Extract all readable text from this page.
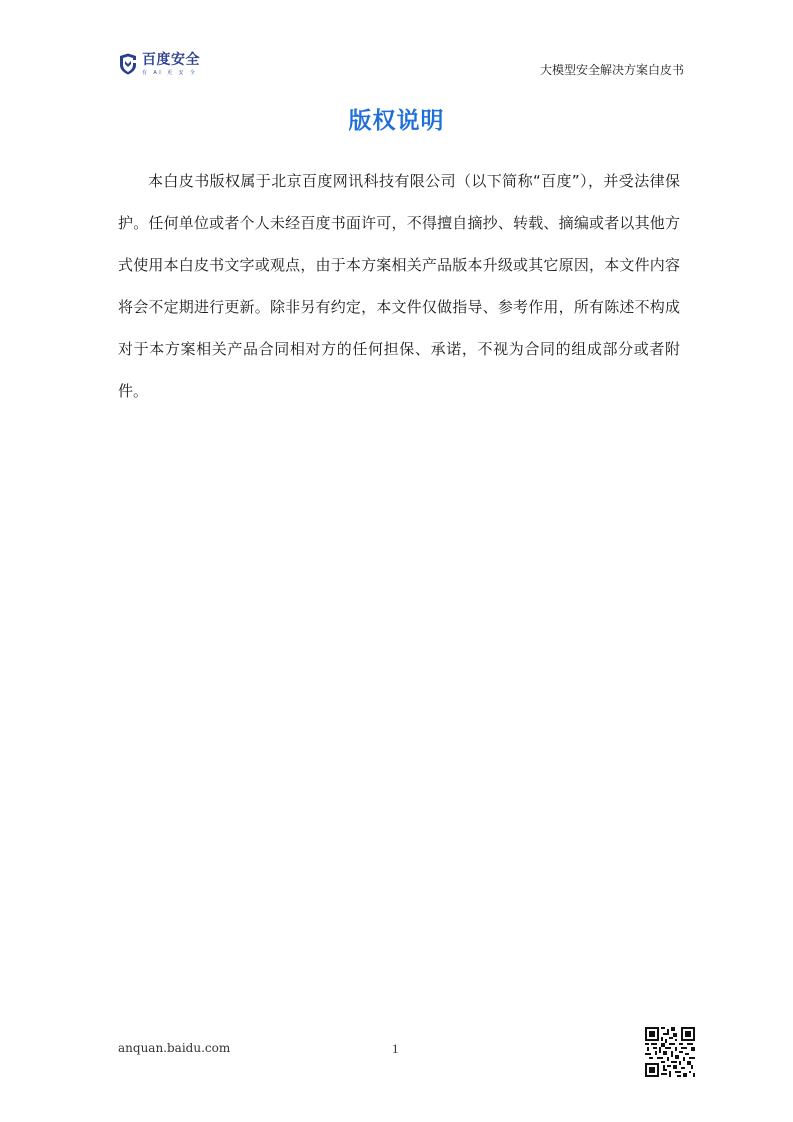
百度安全
有 AI 更 安 全	大模型安全解决方案白皮书
版权说明

本白皮书版权属于北京百度网讯科技有限公司（以下简称“百度”），并受法律保护。任何单位或者个人未经百度书面许可，不得擅自摘抄、转载、摘编或者以其他方式使用本白皮书文字或观点，由于本方案相关产品版本升级或其它原因，本文件内容将会不定期进行更新。除非另有约定，本文件仅做指导、参考作用，所有陈述不构成对于本方案相关产品合同相对方的任何担保、承诺，不视为合同的组成部分或者附件。

anquan.baidu.com	1
